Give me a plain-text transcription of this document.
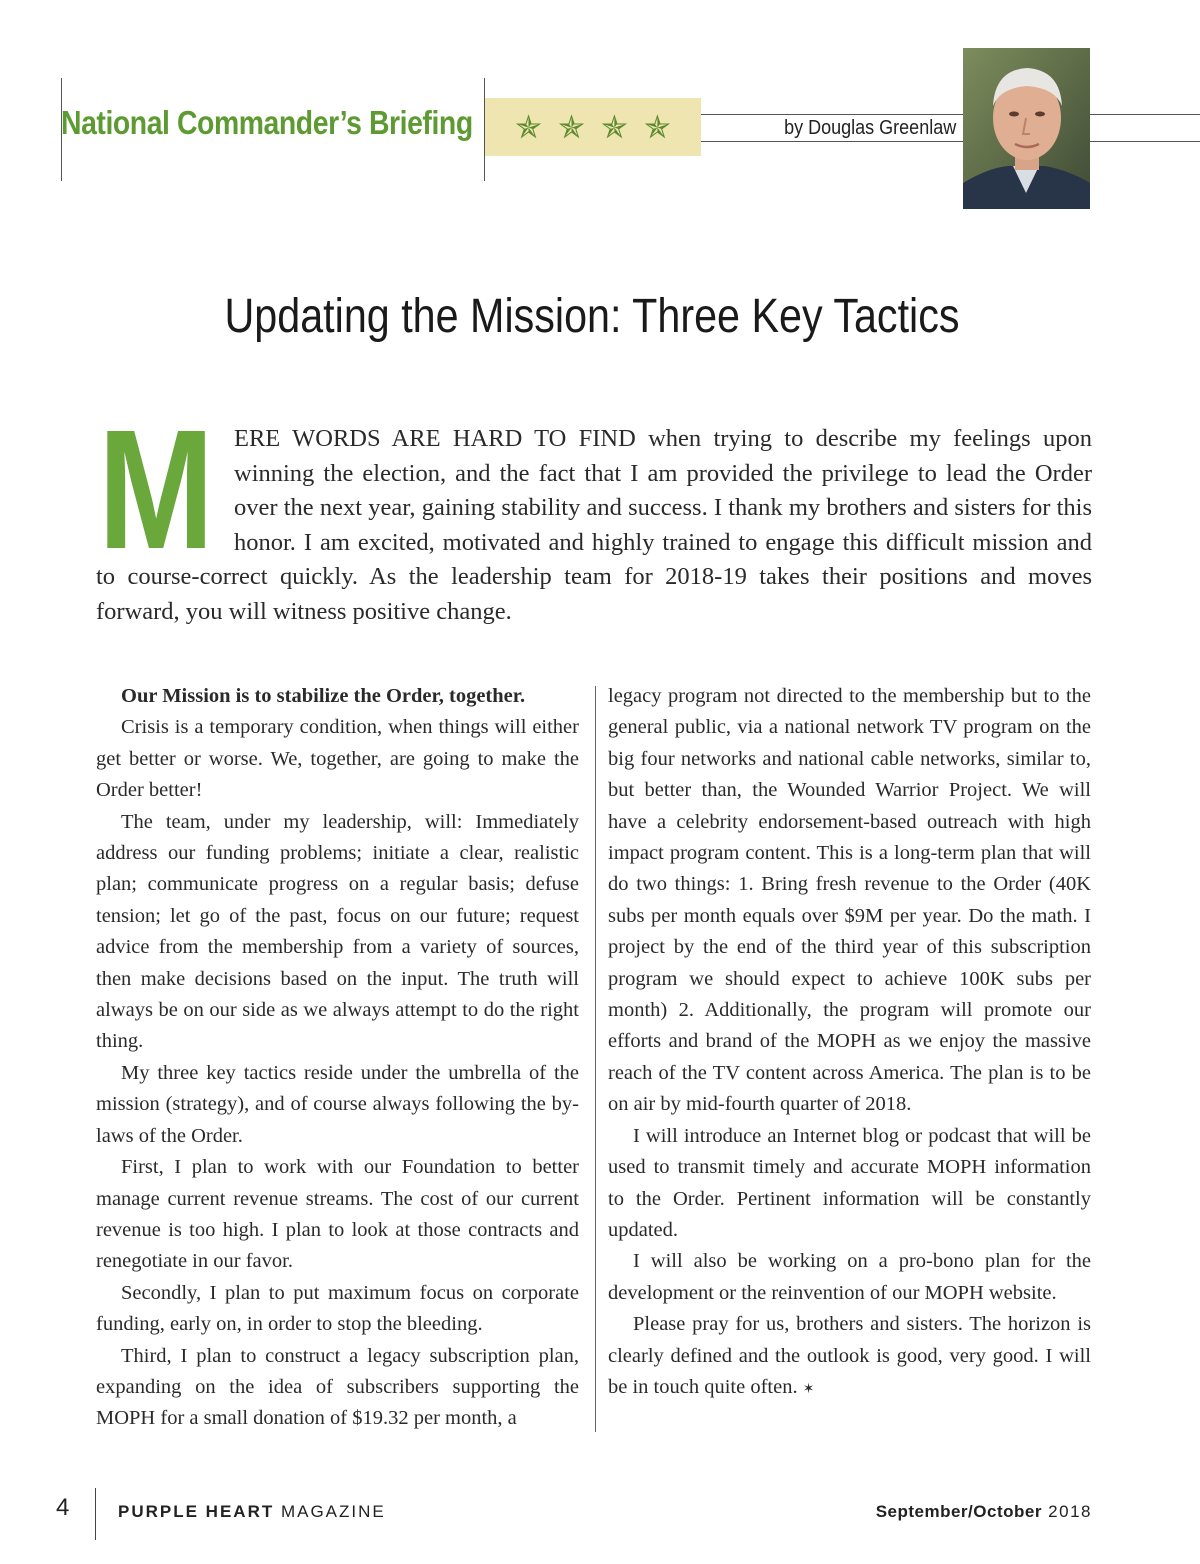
National Commander’s Briefing ✯ ✯ ✯ ✯	by Douglas Greenlaw
Updating the Mission: Three Key Tactics
MERE WORDS ARE HARD TO FIND when trying to describe my feelings upon winning the election, and the fact that I am provided the privilege to lead the Order over the next year, gaining stability and success. I thank my brothers and sisters for this honor. I am excited, motivated and highly trained to engage this difficult mission and to course-correct quickly. As the leadership team for 2018-19 takes their positions and moves forward, you will witness positive change.

Our Mission is to stabilize the Order, together.

Crisis is a temporary condition, when things will either get better or worse. We, together, are going to make the Order better!

The team, under my leadership, will: Immediately address our funding problems; initiate a clear, realistic plan; communicate progress on a regular basis; defuse tension; let go of the past, focus on our future; request advice from the membership from a variety of sources, then make decisions based on the input. The truth will always be on our side as we always attempt to do the right thing.

My three key tactics reside under the umbrella of the mission (strategy), and of course always following the by-laws of the Order.

First, I plan to work with our Foundation to better manage current revenue streams. The cost of our current revenue is too high. I plan to look at those contracts and renegotiate in our favor.

Secondly, I plan to put maximum focus on corporate funding, early on, in order to stop the bleeding.

Third, I plan to construct a legacy subscription plan, expanding on the idea of subscribers supporting the MOPH for a small donation of $19.32 per month, a

legacy program not directed to the membership but to the general public, via a national network TV program on the big four networks and national cable networks, similar to, but better than, the Wounded Warrior Project. We will have a celebrity endorsement-based outreach with high impact program content. This is a long-term plan that will do two things: 1. Bring fresh revenue to the Order (40K subs per month equals over $9M per year. Do the math. I project by the end of the third year of this subscription program we should expect to achieve 100K subs per month) 2. Additionally, the program will promote our efforts and brand of the MOPH as we enjoy the massive reach of the TV content across America. The plan is to be on air by mid-fourth quarter of 2018.

I will introduce an Internet blog or podcast that will be used to transmit timely and accurate MOPH information to the Order. Pertinent information will be constantly updated.

I will also be working on a pro-bono plan for the development or the reinvention of our MOPH website.

Please pray for us, brothers and sisters. The horizon is clearly defined and the outlook is good, very good. I will be in touch quite often. ✶

4	PURPLE HEART MAGAZINE	September/October 2018
